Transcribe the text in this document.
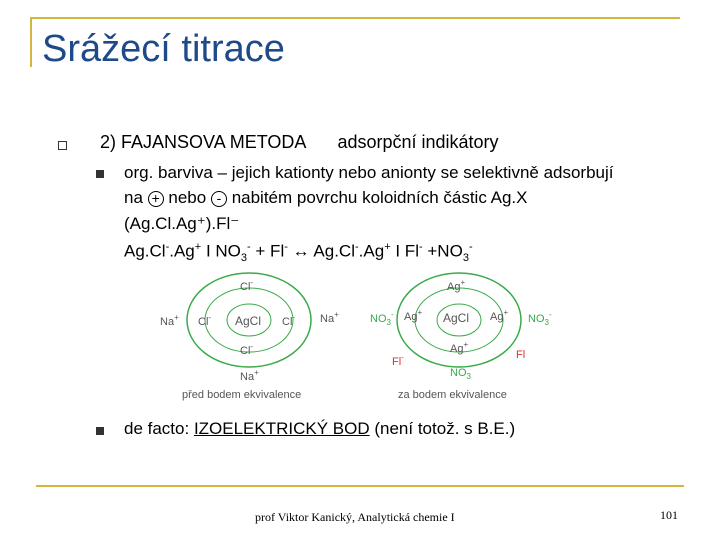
Srážecí titrace
2) FAJANSOVA METODA adsorpční indikátory
org. barviva – jejich kationty nebo anionty se selektivně adsorbují
na + nebo - nabitém povrchu koloidních částic Ag.X
(Ag.Cl.Ag⁺).Fl⁻
Ag.Cl-.Ag+ I $NO_3^- + Fl^-$ ↔ Ag.Cl-.Ag+ I $Fl^- +NO_3^-$
AgCl
Cl-
Cl-	Cl-
Cl-
Na+	Na+
Na+
před bodem ekvivalence
AgCl
Ag+
Ag+	Ag+
Ag+
$NO_3^-$	$NO_3^-$
$NO_3$
Fl-	Fl
za bodem ekvivalence
de facto: IZOELEKTRICKÝ BOD (není totož. s B.E.)
prof Viktor Kanický, Analytická chemie I	101
